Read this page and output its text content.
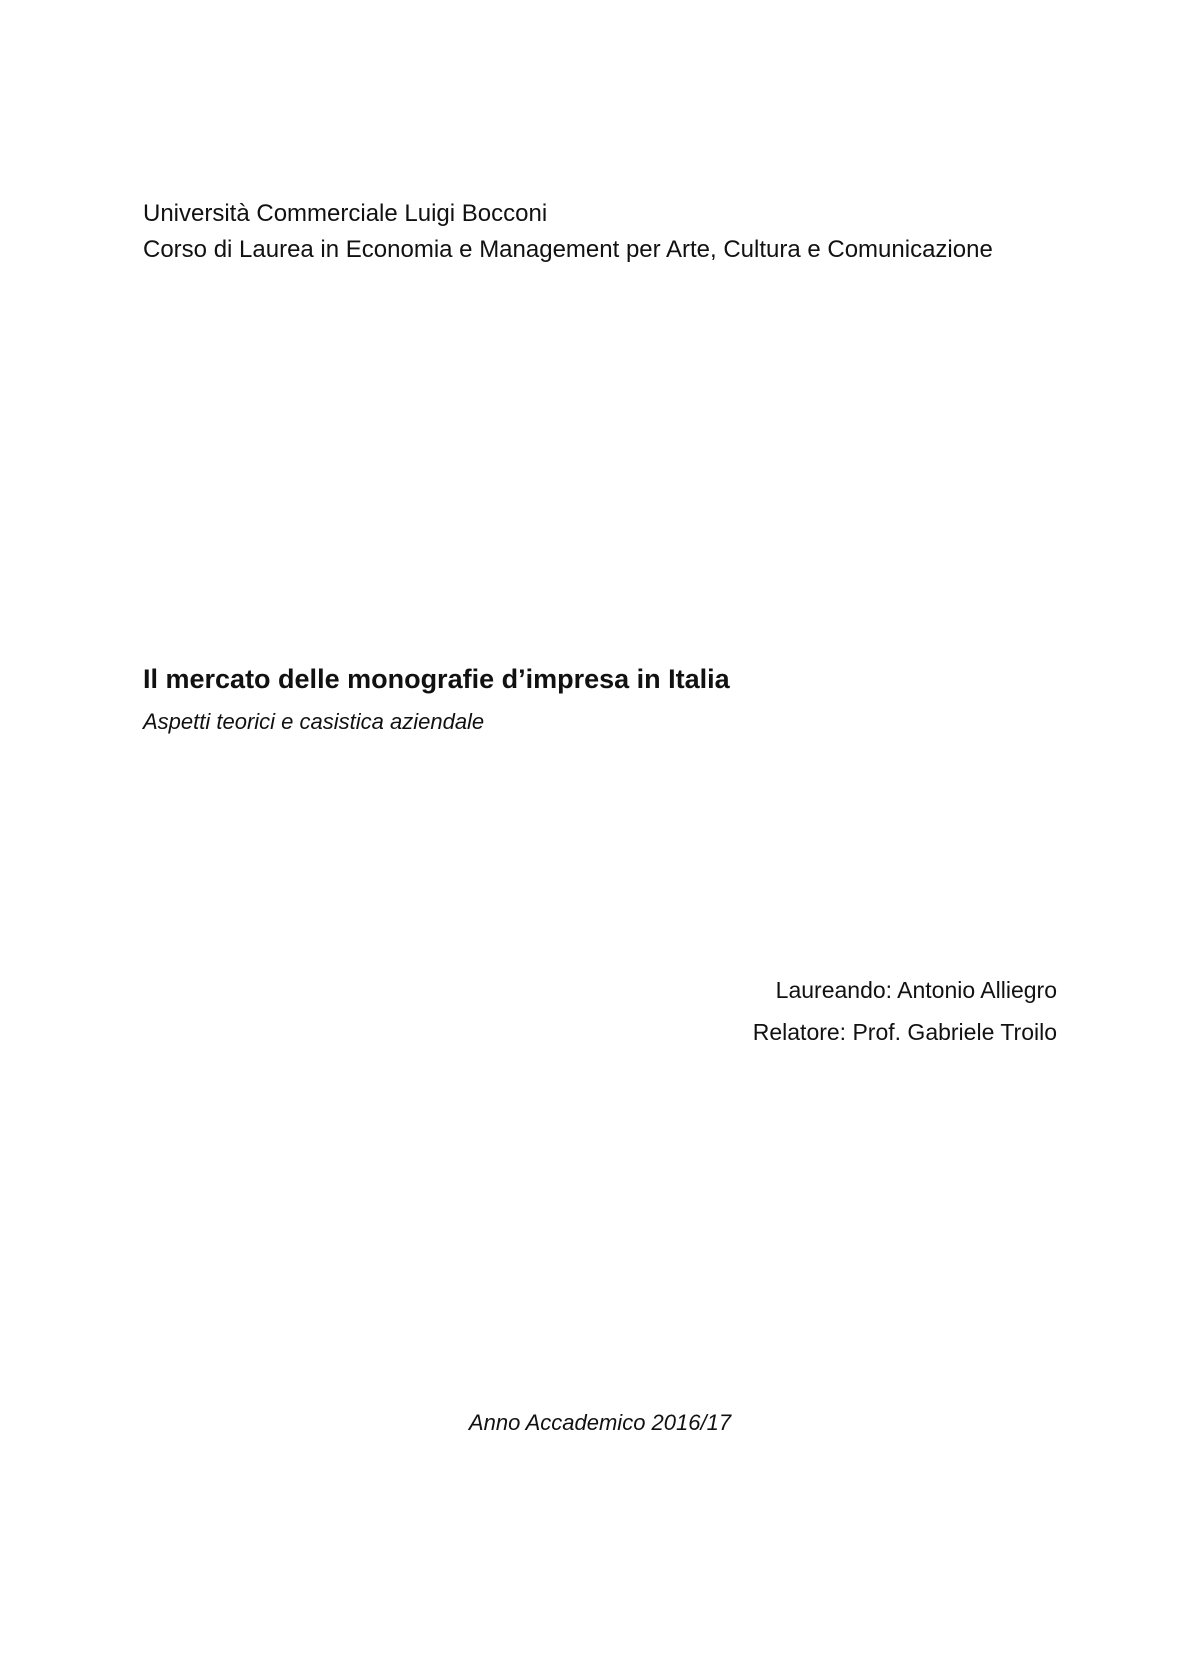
Università Commerciale Luigi Bocconi
Corso di Laurea in Economia e Management per Arte, Cultura e Comunicazione
Il mercato delle monografie d’impresa in Italia
Aspetti teorici e casistica aziendale
Laureando: Antonio Alliegro
Relatore: Prof. Gabriele Troilo
Anno Accademico 2016/17
